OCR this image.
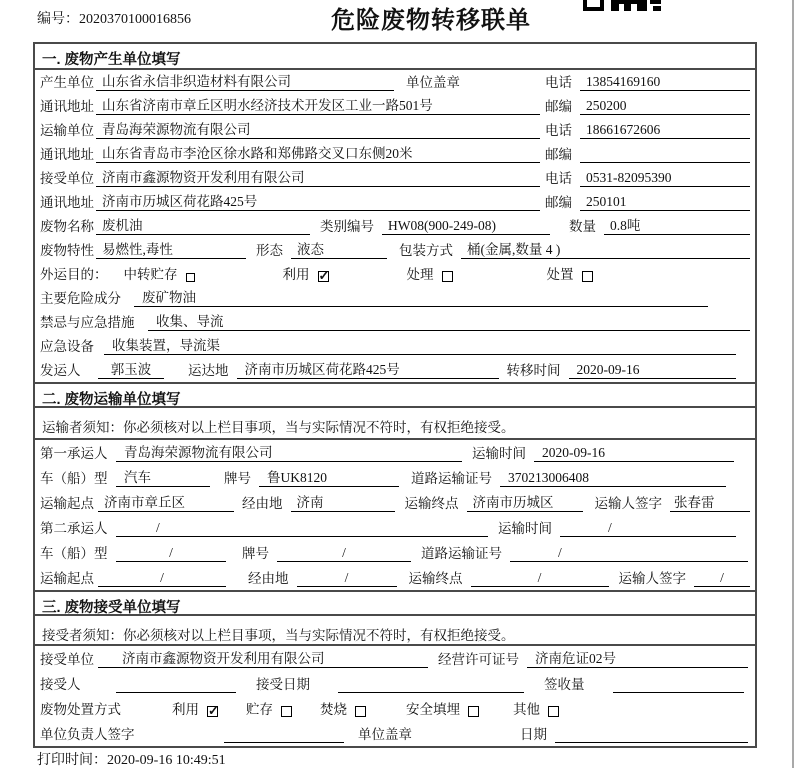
编号：2020370100016856	危险废物转移联单
一. 废物产生单位填写
产生单位 山东省永信非织造材料有限公司	单位盖章	电话	13854169160
通讯地址 山东省济南市章丘区明水经济技术开发区工业一路501号	邮编	250200
运输单位 青岛海荣源物流有限公司	电话	18661672606
通讯地址 山东省青岛市李沧区徐水路和郑佛路交叉口东侧20米	邮编
接受单位 济南市鑫源物资开发利用有限公司	电话	0531-82095390
通讯地址 济南市历城区荷花路425号	邮编	250101
废物名称 废机油	类别编号	HW08(900-249-08)	数量	0.8吨
废物特性 易燃性,毒性	形态	液态	包装方式	桶(金属,数量 4 )
外运目的： 中转贮存	利用 ✓	处理	处置
主要危险成分	废矿物油
禁忌与应急措施	收集、导流
应急设备	收集装置，导流渠
发运人	郭玉波	运达地	济南市历城区荷花路425号	转移时间	2020-09-16
二. 废物运输单位填写
运输者须知：你必须核对以上栏目事项，当与实际情况不符时，有权拒绝接受。
第一承运人	青岛海荣源物流有限公司	运输时间	2020-09-16
车（船）型	汽车	牌号	鲁UK8120	道路运输证号	370213006408
运输起点 济南市章丘区	经由地	济南	运输终点	济南市历城区	运输人签字 张春雷
第二承运人	/	运输时间	/
车（船）型	/	牌号	/	道路运输证号	/
运输起点	/	经由地	/	运输终点	/	运输人签字	/
三. 废物接受单位填写
接受者须知：你必须核对以上栏目事项，当与实际情况不符时，有权拒绝接受。
接受单位	济南市鑫源物资开发利用有限公司	经营许可证号	济南危证02号
接受人	接受日期	签收量
废物处置方式	利用 ✓	贮存	焚烧	安全填埋	其他
单位负责人签字	单位盖章	日期
打印时间：2020-09-16 10:49:51
